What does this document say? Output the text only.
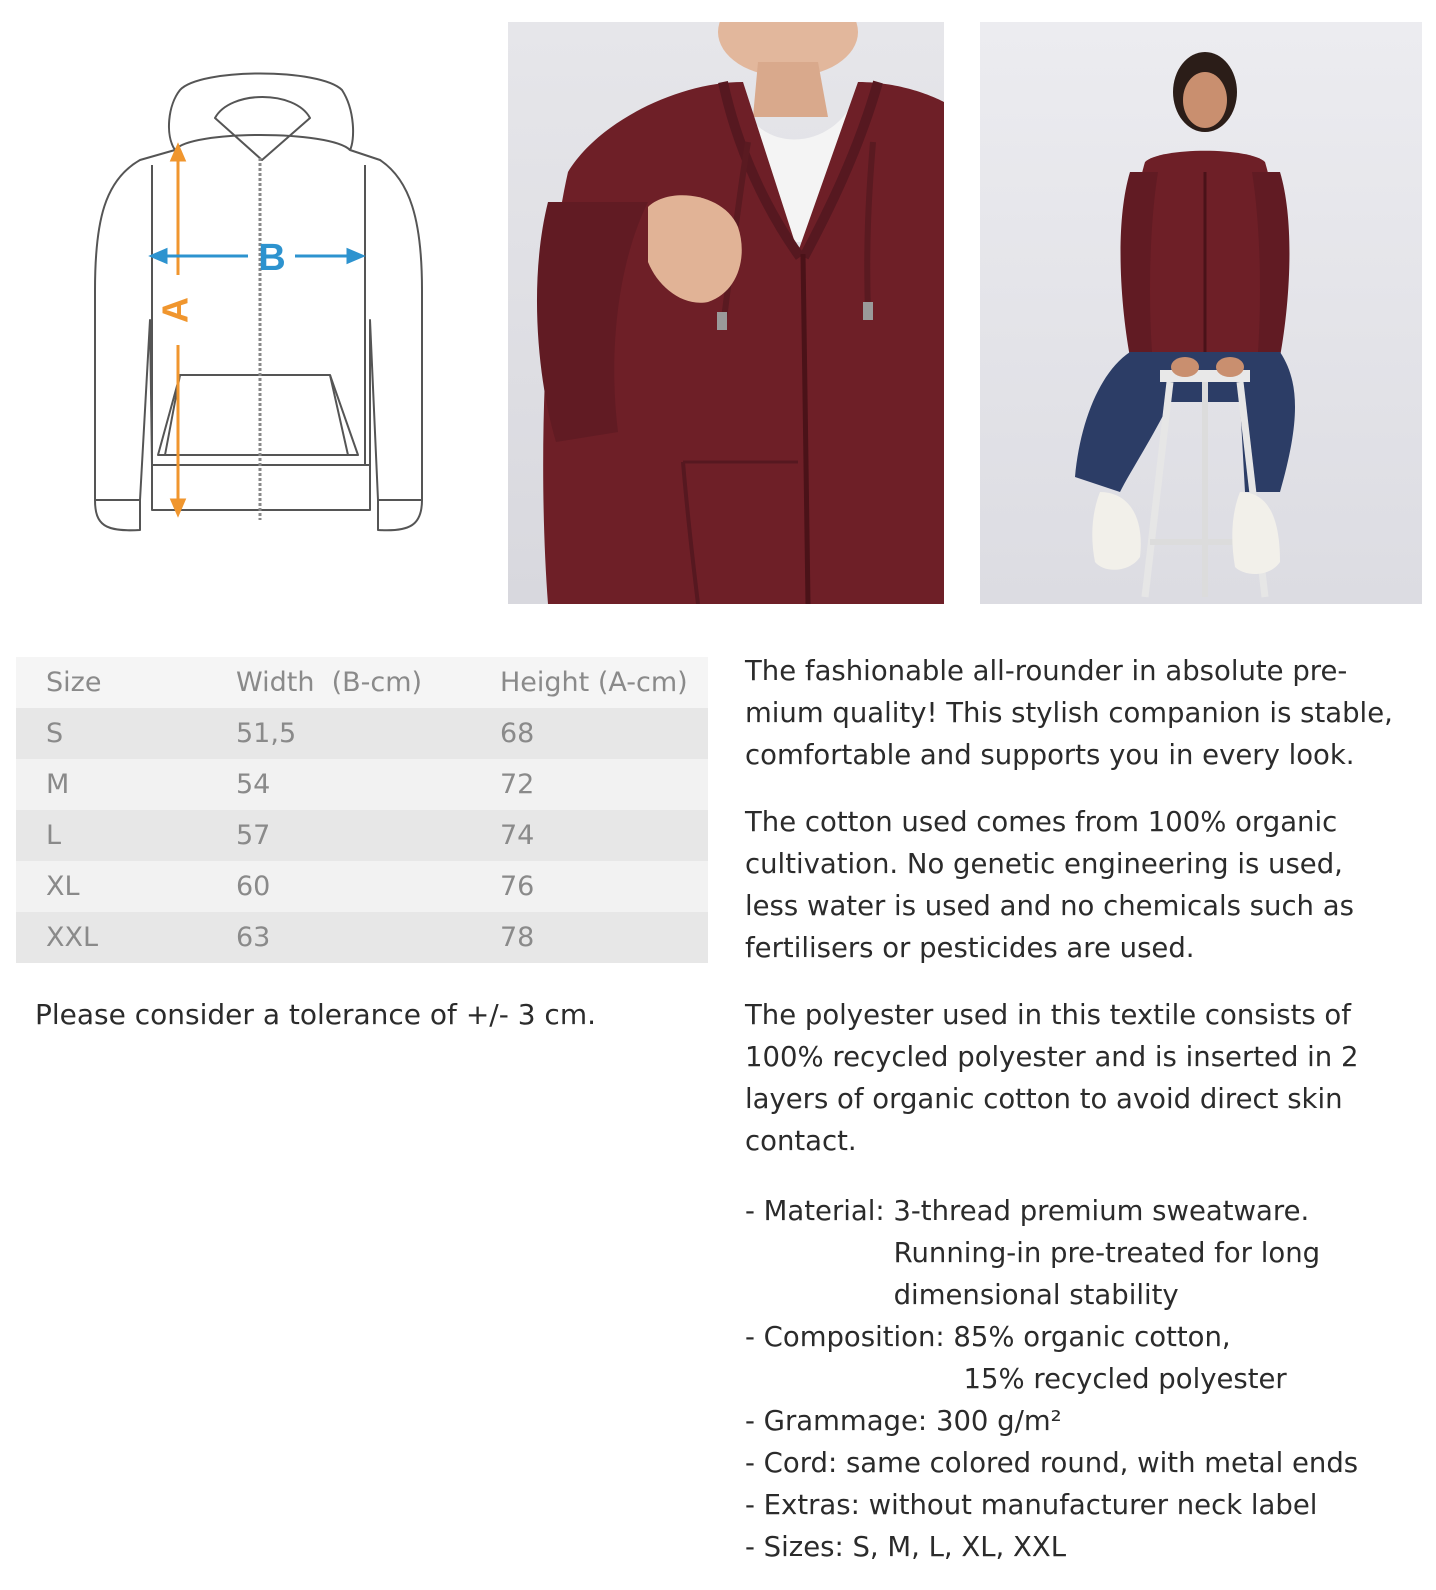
A
B
Size	Width  (B-cm)	Height (A-cm)
S	51,5	68
M	54	72
L	57	74
XL	60	76
XXL	63	78
Please consider a tolerance of +/- 3 cm.

The fashionable all-rounder in absolute pre-
mium quality! This stylish companion is stable,
comfortable and supports you in every look.

The cotton used comes from 100% organic
cultivation. No genetic engineering is used,
less water is used and no chemicals such as
fertilisers or pesticides are used.

The polyester used in this textile consists of
100% recycled polyester and is inserted in 2
layers of organic cotton to avoid direct skin
contact.

- Material: 3-thread premium sweatware.
Running-in pre-treated for long
dimensional stability
- Composition: 85% organic cotton,
15% recycled polyester
- Grammage: 300 g/m²
- Cord: same colored round, with metal ends
- Extras: without manufacturer neck label
- Sizes: S, M, L, XL, XXL
